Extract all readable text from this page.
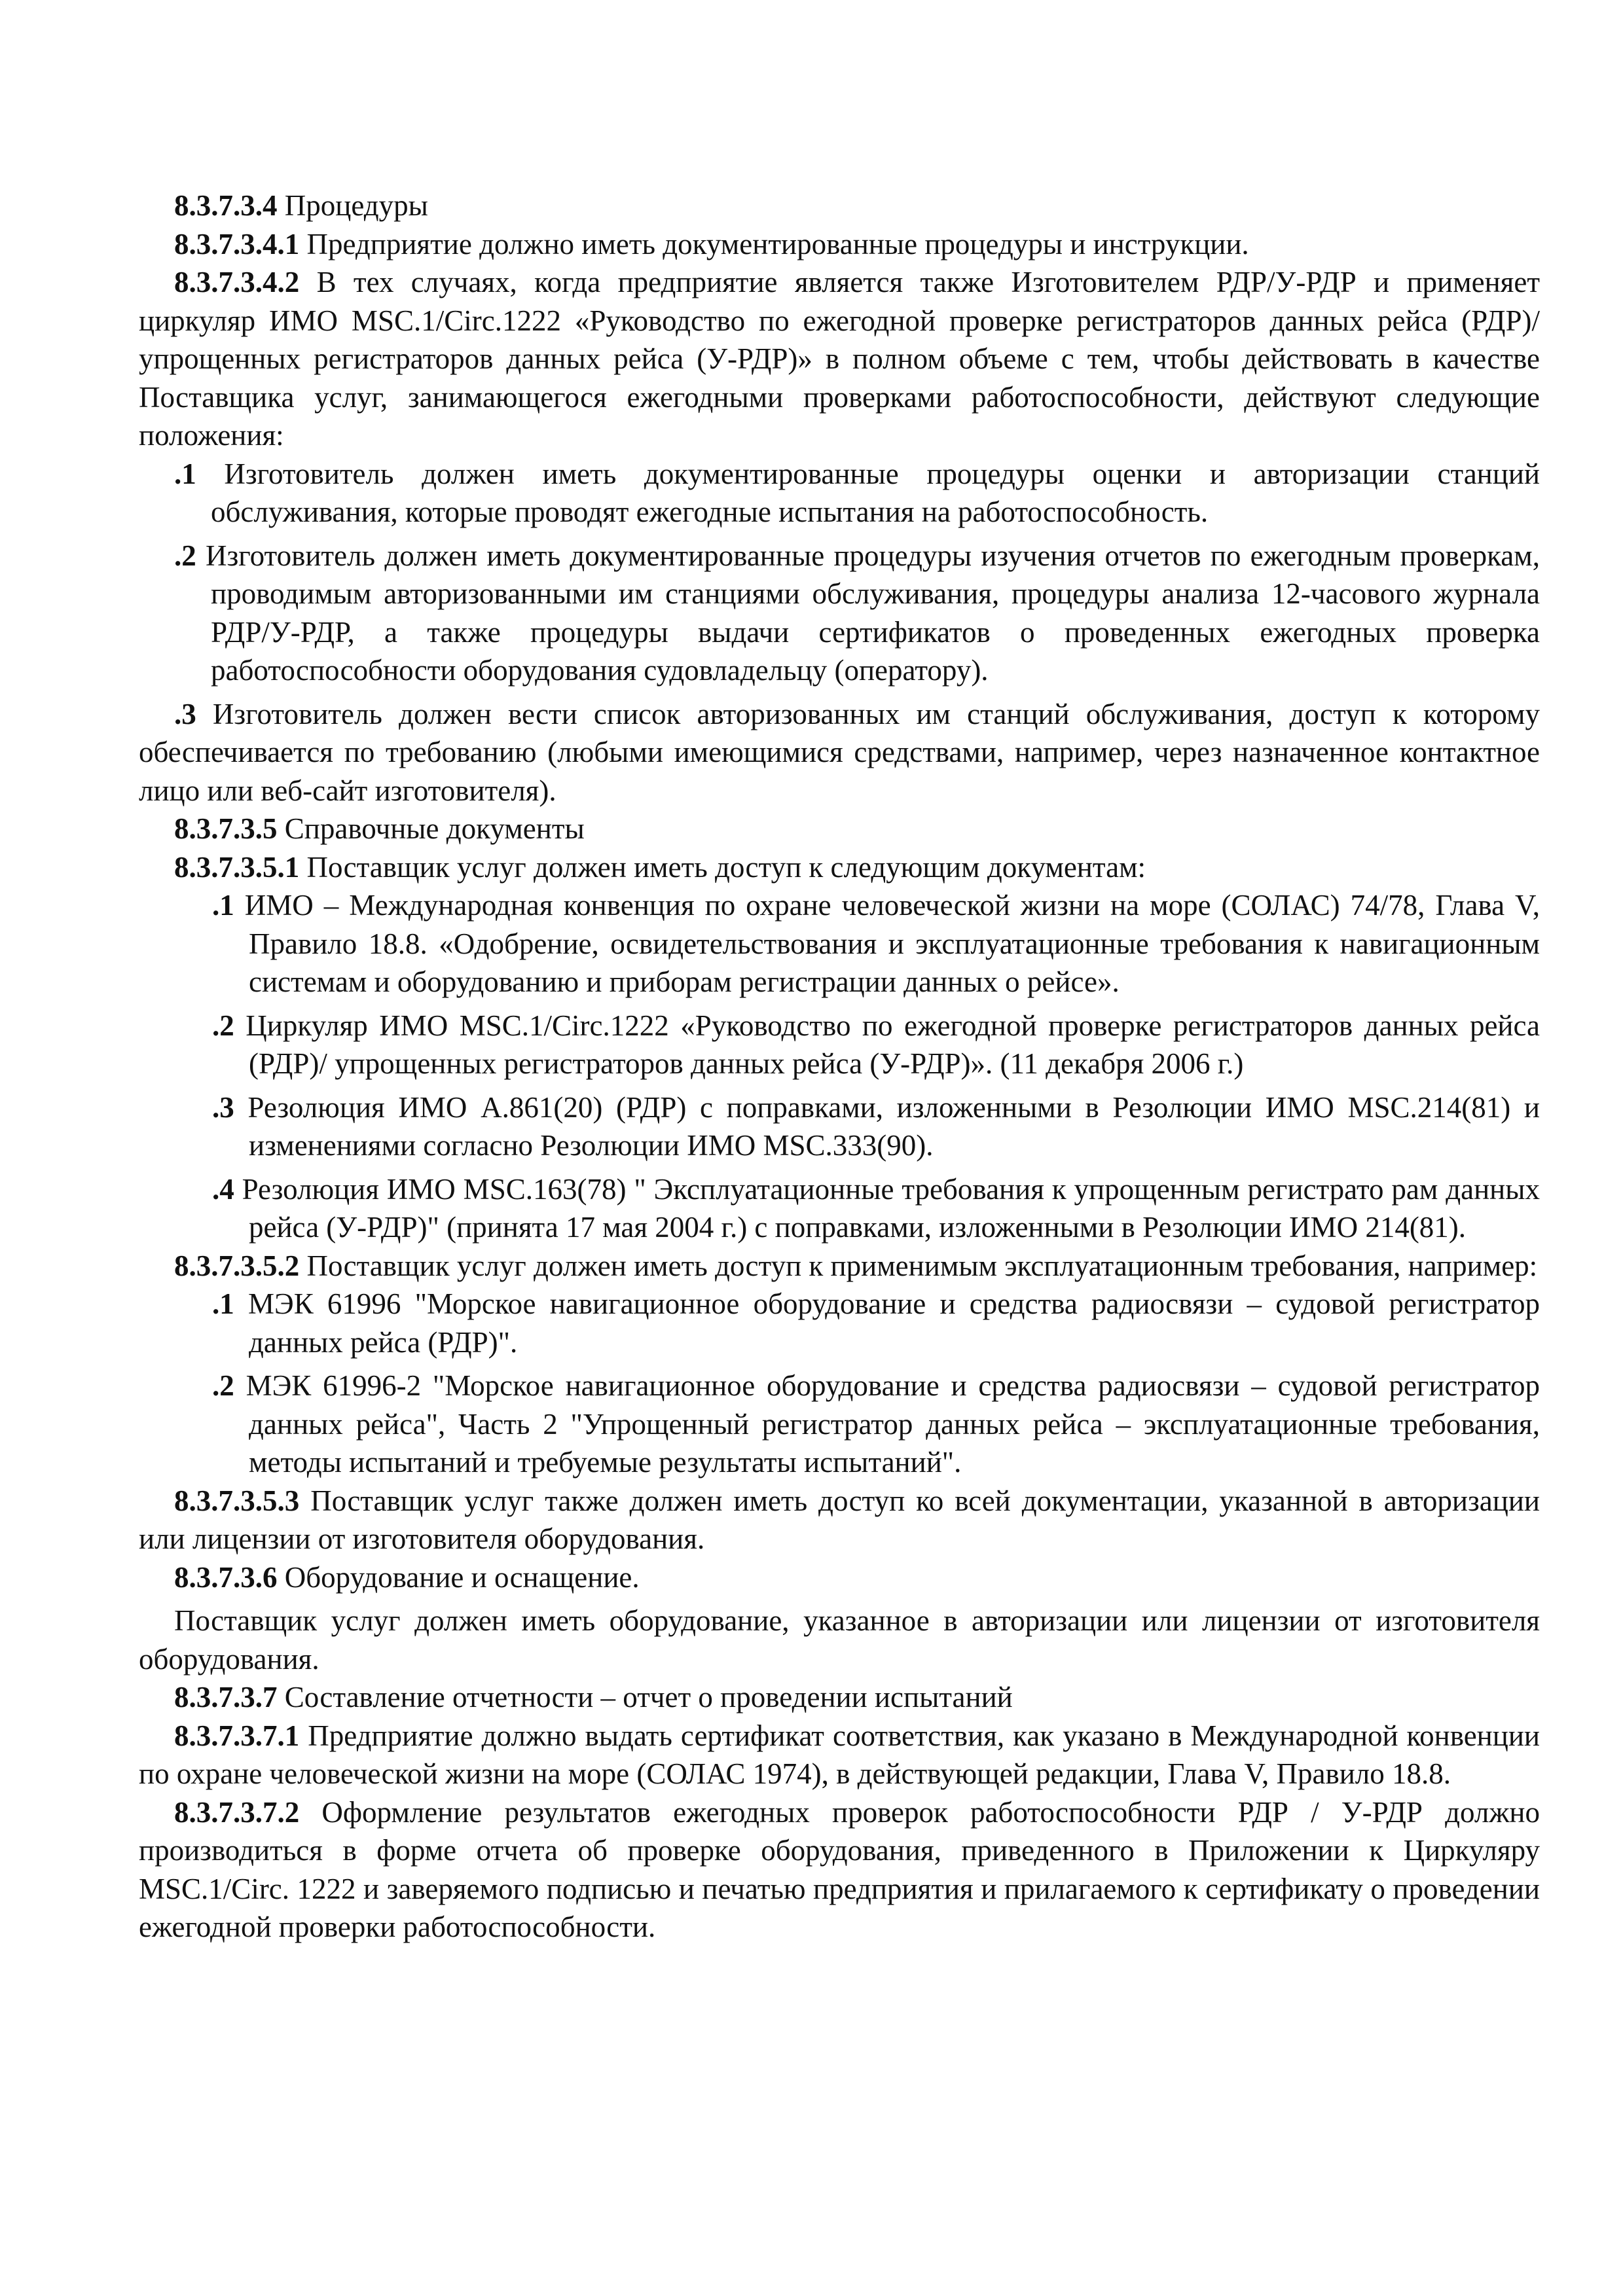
8.3.7.3.4 Процедуры

8.3.7.3.4.1 Предприятие должно иметь документированные процедуры и инструкции.

8.3.7.3.4.2 В тех случаях, когда предприятие является также Изготовителем РДР/У-РДР и применяет циркуляр ИМО MSC.1/Circ.1222 «Руководство по ежегодной проверке регистраторов данных рейса (РДР)/ упрощенных регистраторов данных рейса (У-РДР)» в полном объеме с тем, чтобы действовать в качестве Поставщика услуг, занимающегося ежегодными проверками работоспособности, действуют следующие положения:

.1 Изготовитель должен иметь документированные процедуры оценки и авторизации станций обслуживания, которые проводят ежегодные испытания на работоспособность.

.2 Изготовитель должен иметь документированные процедуры изучения отчетов по ежегодным проверкам, проводимым авторизованными им станциями обслуживания, процедуры анализа 12-часового журнала РДР/У-РДР, а также процедуры выдачи сертификатов о проведенных ежегодных проверка работоспособности оборудования судовладельцу (оператору).

.3 Изготовитель должен вести список авторизованных им станций обслуживания, доступ к которому обеспечивается по требованию (любыми имеющимися средствами, например, через назначенное контактное лицо или веб-сайт изготовителя).

8.3.7.3.5 Справочные документы

8.3.7.3.5.1 Поставщик услуг должен иметь доступ к следующим документам:

.1 ИМО – Международная конвенция по охране человеческой жизни на море (СОЛАС) 74/78, Глава V, Правило 18.8. «Одобрение, освидетельствования и эксплуатационные требования к навигационным системам и оборудованию и приборам регистрации данных о рейсе».

.2 Циркуляр ИМО MSC.1/Circ.1222 «Руководство по ежегодной проверке регистраторов данных рейса (РДР)/ упрощенных регистраторов данных рейса (У-РДР)». (11 декабря 2006 г.)

.3 Резолюция ИМО А.861(20) (РДР) с поправками, изложенными в Резолюции ИМО MSC.214(81) и изменениями согласно Резолюции ИМО MSC.333(90).

.4 Резолюция ИМО MSC.163(78) " Эксплуатационные требования к упрощенным регистрато рам данных рейса (У-РДР)" (принята 17 мая 2004 г.) с поправками, изложенными в Резолюции ИМО 214(81).

8.3.7.3.5.2 Поставщик услуг должен иметь доступ к применимым эксплуатационным требования, например:

.1 МЭК 61996 "Морское навигационное оборудование и средства радиосвязи – судовой регистратор данных рейса (РДР)".

.2 МЭК 61996-2 "Морское навигационное оборудование и средства радиосвязи – судовой регистратор данных рейса", Часть 2 "Упрощенный регистратор данных рейса – эксплуатационные требования, методы испытаний и требуемые результаты испытаний".

8.3.7.3.5.3 Поставщик услуг также должен иметь доступ ко всей документации, указанной в авторизации или лицензии от изготовителя оборудования.

8.3.7.3.6 Оборудование и оснащение.

Поставщик услуг должен иметь оборудование, указанное в авторизации или лицензии от изготовителя оборудования.

8.3.7.3.7 Составление отчетности – отчет о проведении испытаний

8.3.7.3.7.1 Предприятие должно выдать сертификат соответствия, как указано в Международной конвенции по охране человеческой жизни на море (СОЛАС 1974), в действующей редакции, Глава V, Правило 18.8.

8.3.7.3.7.2 Оформление результатов ежегодных проверок работоспособности РДР / У-РДР должно производиться в форме отчета об проверке оборудования, приведенного в Приложении к Циркуляру MSC.1/Circ. 1222 и заверяемого подписью и печатью предприятия и прилагаемого к сертификату о проведении ежегодной проверки работоспособности.
